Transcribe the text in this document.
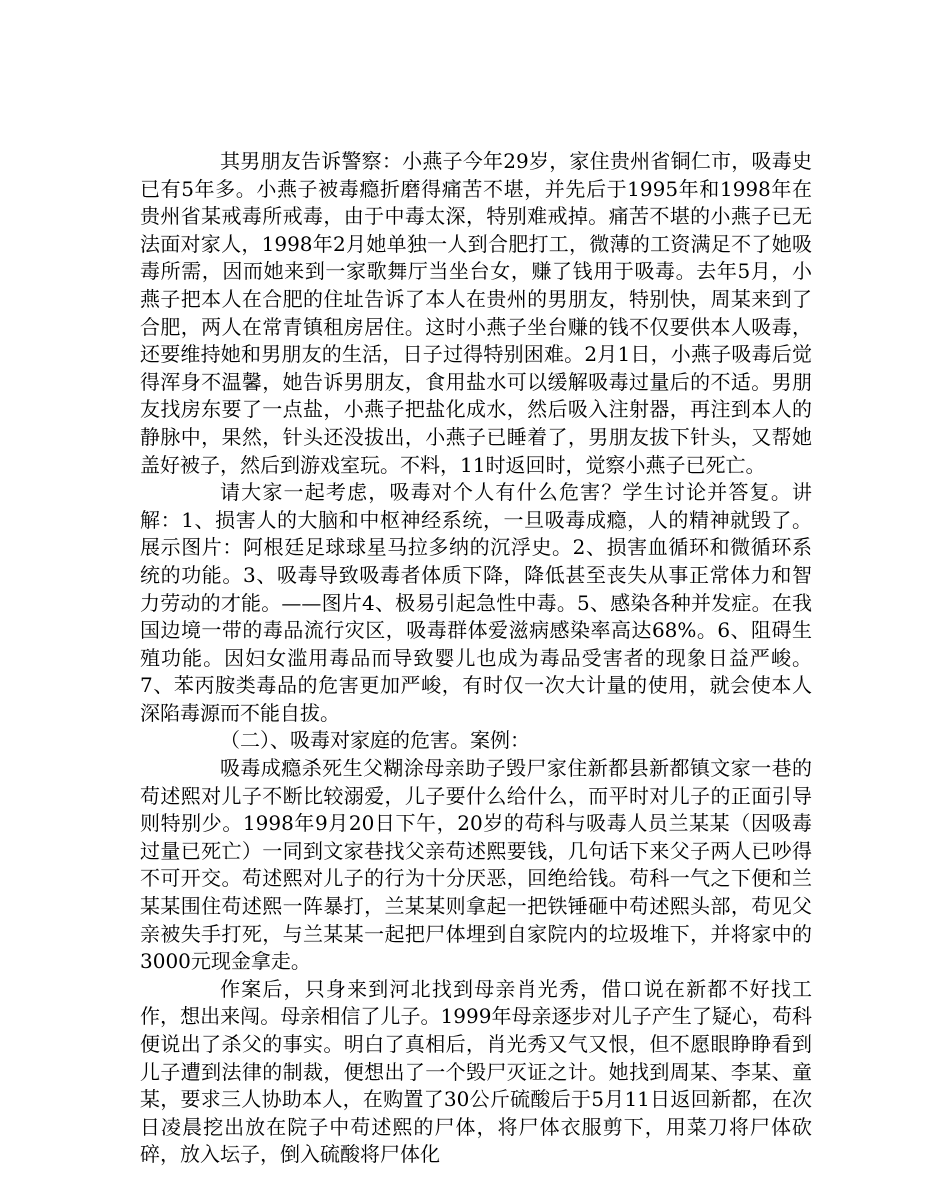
其男朋友告诉警察：小燕子今年29岁，家住贵州省铜仁市，吸毒史已有5年多。小燕子被毒瘾折磨得痛苦不堪，并先后于1995年和1998年在贵州省某戒毒所戒毒，由于中毒太深，特别难戒掉。痛苦不堪的小燕子已无法面对家人，1998年2月她单独一人到合肥打工，微薄的工资满足不了她吸毒所需，因而她来到一家歌舞厅当坐台女，赚了钱用于吸毒。去年5月，小燕子把本人在合肥的住址告诉了本人在贵州的男朋友，特别快，周某来到了合肥，两人在常青镇租房居住。这时小燕子坐台赚的钱不仅要供本人吸毒，还要维持她和男朋友的生活，日子过得特别困难。2月1日，小燕子吸毒后觉得浑身不温馨，她告诉男朋友，食用盐水可以缓解吸毒过量后的不适。男朋友找房东要了一点盐，小燕子把盐化成水，然后吸入注射器，再注到本人的静脉中，果然，针头还没拔出，小燕子已睡着了，男朋友拔下针头，又帮她盖好被子，然后到游戏室玩。不料，11时返回时，觉察小燕子已死亡。

请大家一起考虑，吸毒对个人有什么危害？学生讨论并答复。讲解：1、损害人的大脑和中枢神经系统，一旦吸毒成瘾，人的精神就毁了。展示图片：阿根廷足球球星马拉多纳的沉浮史。2、损害血循环和微循环系统的功能。3、吸毒导致吸毒者体质下降，降低甚至丧失从事正常体力和智力劳动的才能。——图片4、极易引起急性中毒。5、感染各种并发症。在我国边境一带的毒品流行灾区，吸毒群体爱滋病感染率高达68%。6、阻碍生殖功能。因妇女滥用毒品而导致婴儿也成为毒品受害者的现象日益严峻。7、苯丙胺类毒品的危害更加严峻，有时仅一次大计量的使用，就会使本人深陷毒源而不能自拔。

（二）、吸毒对家庭的危害。案例：

吸毒成瘾杀死生父糊涂母亲助子毁尸家住新都县新都镇文家一巷的苟述熙对儿子不断比较溺爱，儿子要什么给什么，而平时对儿子的正面引导则特别少。1998年9月20日下午，20岁的苟科与吸毒人员兰某某（因吸毒过量已死亡）一同到文家巷找父亲苟述熙要钱，几句话下来父子两人已吵得不可开交。苟述熙对儿子的行为十分厌恶，回绝给钱。苟科一气之下便和兰某某围住苟述熙一阵暴打，兰某某则拿起一把铁锤砸中苟述熙头部，苟见父亲被失手打死，与兰某某一起把尸体埋到自家院内的垃圾堆下，并将家中的3000元现金拿走。

作案后，只身来到河北找到母亲肖光秀，借口说在新都不好找工作，想出来闯。母亲相信了儿子。1999年母亲逐步对儿子产生了疑心，苟科便说出了杀父的事实。明白了真相后，肖光秀又气又恨，但不愿眼睁睁看到儿子遭到法律的制裁，便想出了一个毁尸灭证之计。她找到周某、李某、童某，要求三人协助本人，在购置了30公斤硫酸后于5月11日返回新都，在次日凌晨挖出放在院子中苟述熙的尸体，将尸体衣服剪下，用菜刀将尸体砍碎，放入坛子，倒入硫酸将尸体化
